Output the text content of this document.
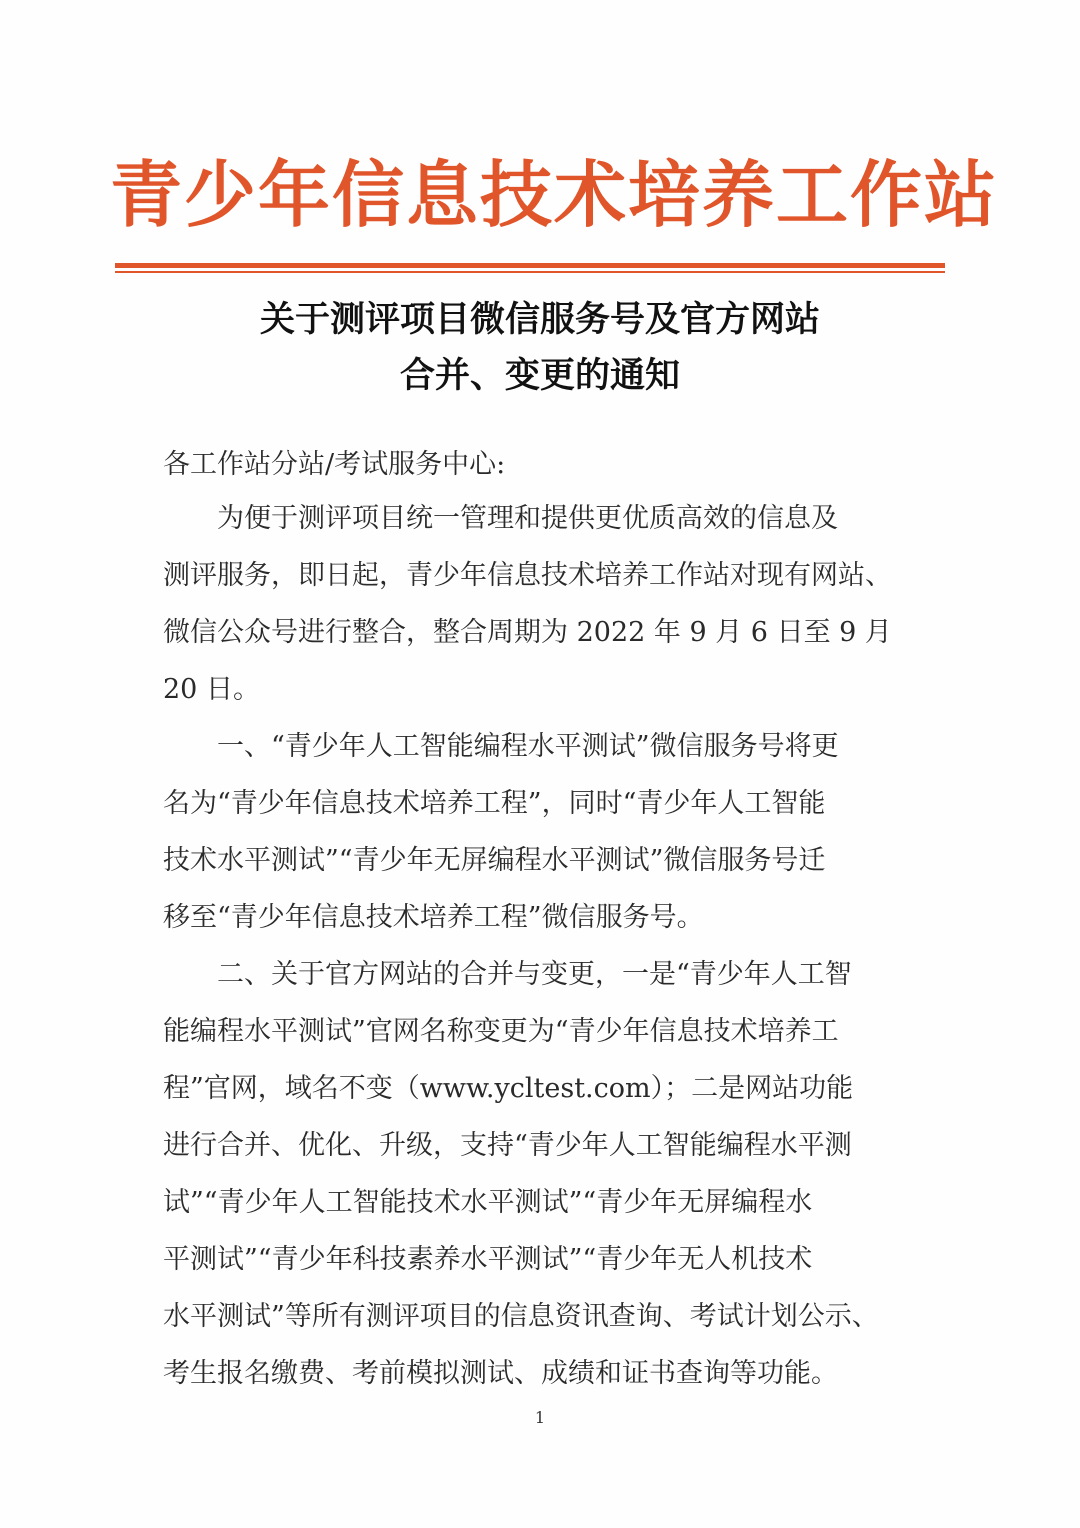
青少年信息技术培养工作站
关于测评项目微信服务号及官方网站
合并、变更的通知
各工作站分站/考试服务中心:
　　为便于测评项目统一管理和提供更优质高效的信息及
测评服务，即日起，青少年信息技术培养工作站对现有网站、
微信公众号进行整合，整合周期为 2022 年 9 月 6 日至 9 月
20 日。
　　一、“青少年人工智能编程水平测试”微信服务号将更
名为“青少年信息技术培养工程”，同时“青少年人工智能
技术水平测试”“青少年无屏编程水平测试”微信服务号迁
移至“青少年信息技术培养工程”微信服务号。
　　二、关于官方网站的合并与变更，一是“青少年人工智
能编程水平测试”官网名称变更为“青少年信息技术培养工
程”官网，域名不变（www.ycltest.com）；二是网站功能
进行合并、优化、升级，支持“青少年人工智能编程水平测
试”“青少年人工智能技术水平测试”“青少年无屏编程水
平测试”“青少年科技素养水平测试”“青少年无人机技术
水平测试”等所有测评项目的信息资讯查询、考试计划公示、
考生报名缴费、考前模拟测试、成绩和证书查询等功能。
1
